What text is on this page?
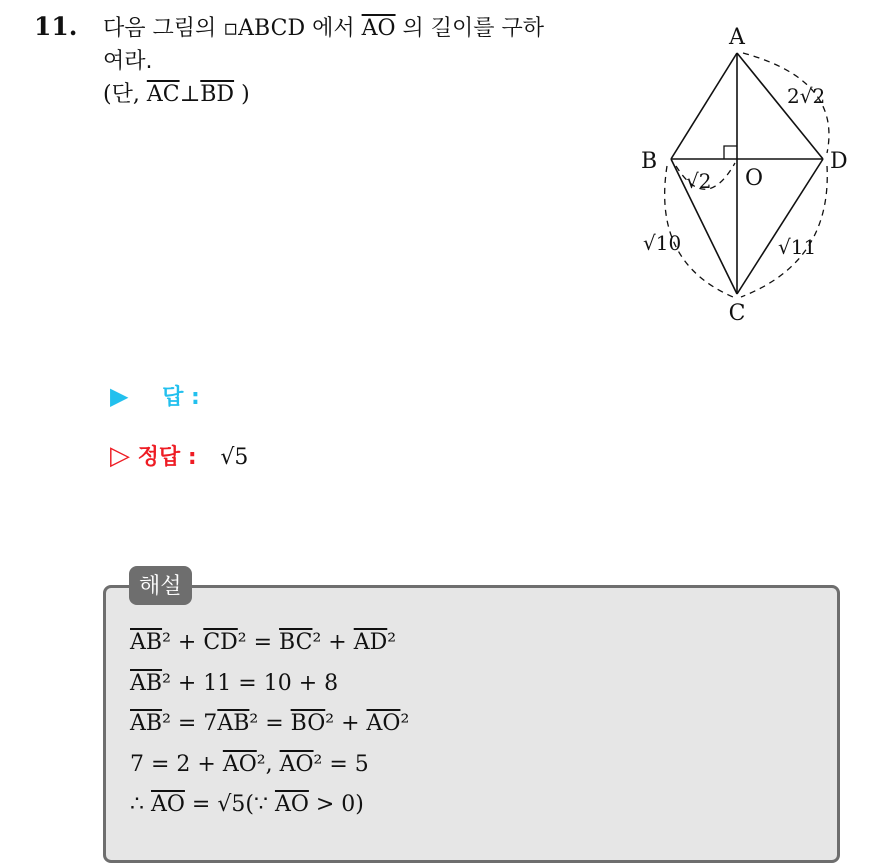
11. 다음 그림의 ▫ABCD 에서 $\overline{AO}$ 의 길이를 구하
여라.
(단, $\overline{AC}\perp\overline{BD}$ )
A
B
C
D
O
2√2
√2
√10	√11
▶ 답 :
▷ 정답 : √5
해설
$\overline{AB}^2 + \overline{CD}^2 = \overline{BC}^2 + \overline{AD}^2$
$\overline{AB}^2 + 11 = 10 + 8$
$\overline{AB}^2 = 7\overline{AB}^2 = \overline{BO}^2 + \overline{AO}^2$
$7 = 2 + \overline{AO}^2$, $\overline{AO}^2 = 5$
∴ $\overline{AO}$ = √5(∵ $\overline{AO} > 0$)
